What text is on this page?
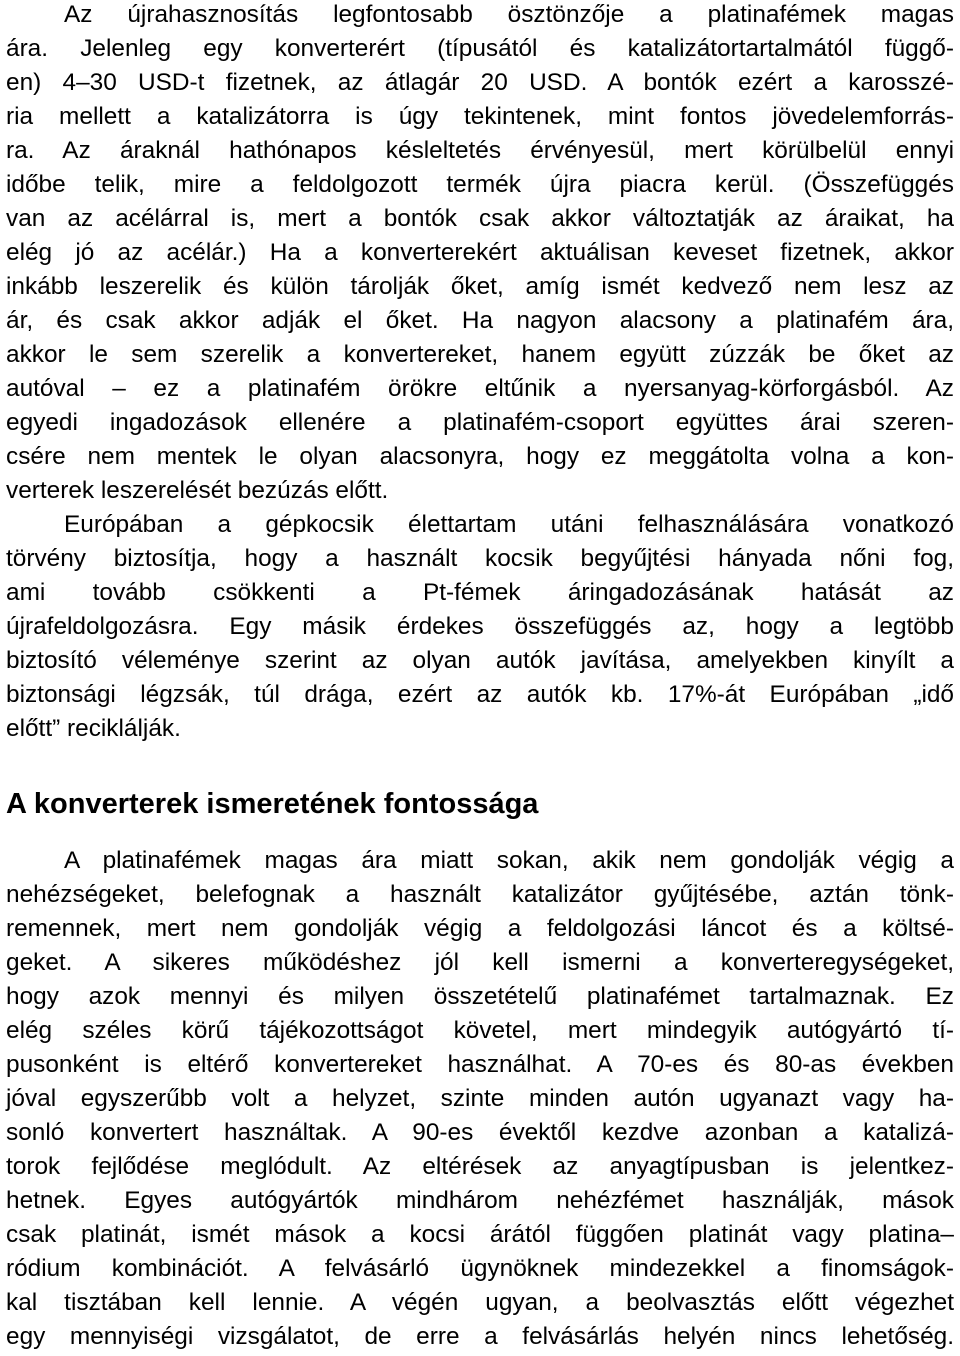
Az újrahasznosítás legfontosabb ösztönzője a platinafémek magas
ára. Jelenleg egy konverterért (típusától és katalizátortartalmától függő-
en) 4–30 USD-t fizetnek, az átlagár 20 USD. A bontók ezért a karosszé-
ria mellett a katalizátorra is úgy tekintenek, mint fontos jövedelemforrás-
ra. Az áraknál hathónapos késleltetés érvényesül, mert körülbelül ennyi
időbe telik, mire a feldolgozott termék újra piacra kerül. (Összefüggés
van az acélárral is, mert a bontók csak akkor változtatják az áraikat, ha
elég jó az acélár.) Ha a konverterekért aktuálisan keveset fizetnek, akkor
inkább leszerelik és külön tárolják őket, amíg ismét kedvező nem lesz az
ár, és csak akkor adják el őket. Ha nagyon alacsony a platinafém ára,
akkor le sem szerelik a konvertereket, hanem együtt zúzzák be őket az
autóval – ez a platinafém örökre eltűnik a nyersanyag-körforgásból. Az
egyedi ingadozások ellenére a platinafém-csoport együttes árai szeren-
csére nem mentek le olyan alacsonyra, hogy ez meggátolta volna a kon-
verterek leszerelését bezúzás előtt.
Európában a gépkocsik élettartam utáni felhasználására vonatkozó
törvény biztosítja, hogy a használt kocsik begyűjtési hányada nőni fog,
ami tovább csökkenti a Pt-fémek áringadozásának hatását az
újrafeldolgozásra. Egy másik érdekes összefüggés az, hogy a legtöbb
biztosító véleménye szerint az olyan autók javítása, amelyekben kinyílt a
biztonsági légzsák, túl drága, ezért az autók kb. 17%-át Európában „idő
előtt” reciklálják.
A konverterek ismeretének fontossága
A platinafémek magas ára miatt sokan, akik nem gondolják végig a
nehézségeket, belefognak a használt katalizátor gyűjtésébe, aztán tönk-
remennek, mert nem gondolják végig a feldolgozási láncot és a költsé-
geket. A sikeres működéshez jól kell ismerni a konverteregységeket,
hogy azok mennyi és milyen összetételű platinafémet tartalmaznak. Ez
elég széles körű tájékozottságot követel, mert mindegyik autógyártó tí-
pusonként is eltérő konvertereket használhat. A 70-es és 80-as években
jóval egyszerűbb volt a helyzet, szinte minden autón ugyanazt vagy ha-
sonló konvertert használtak. A 90-es évektől kezdve azonban a katalizá-
torok fejlődése meglódult. Az eltérések az anyagtípusban is jelentkez-
hetnek. Egyes autógyártók mindhárom nehézfémet használják, mások
csak platinát, ismét mások a kocsi árától függően platinát vagy platina–
ródium kombinációt. A felvásárló ügynöknek mindezekkel a finomságok-
kal tisztában kell lennie. A végén ugyan, a beolvasztás előtt végezhet
egy mennyiségi vizsgálatot, de erre a felvásárlás helyén nincs lehetőség.
